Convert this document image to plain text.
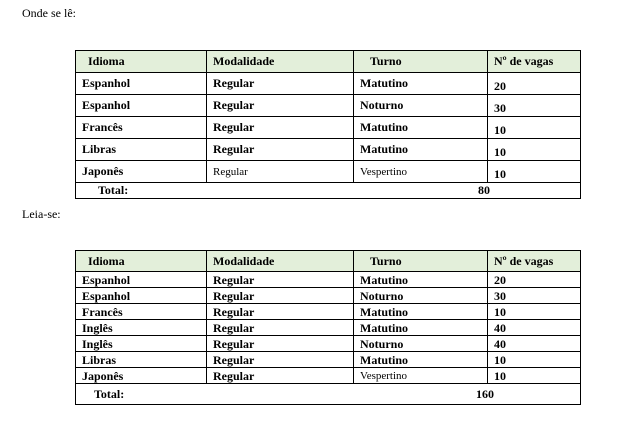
Onde se lê:
Idioma	Modalidade	Turno	Nº de vagas
Espanhol	Regular	Matutino	20
Espanhol	Regular	Noturno	30
Francês	Regular	Matutino	10
Libras	Regular	Matutino	10
Japonês	Regular	Vespertino	10
Total:		80	
Leia-se:
Idioma	Modalidade	Turno	Nº de vagas
Espanhol	Regular	Matutino	20
Espanhol	Regular	Noturno	30
Francês	Regular	Matutino	10
Inglês	Regular	Matutino	40
Inglês	Regular	Noturno	40
Libras	Regular	Matutino	10
Japonês	Regular	Vespertino	10
Total:		160	
